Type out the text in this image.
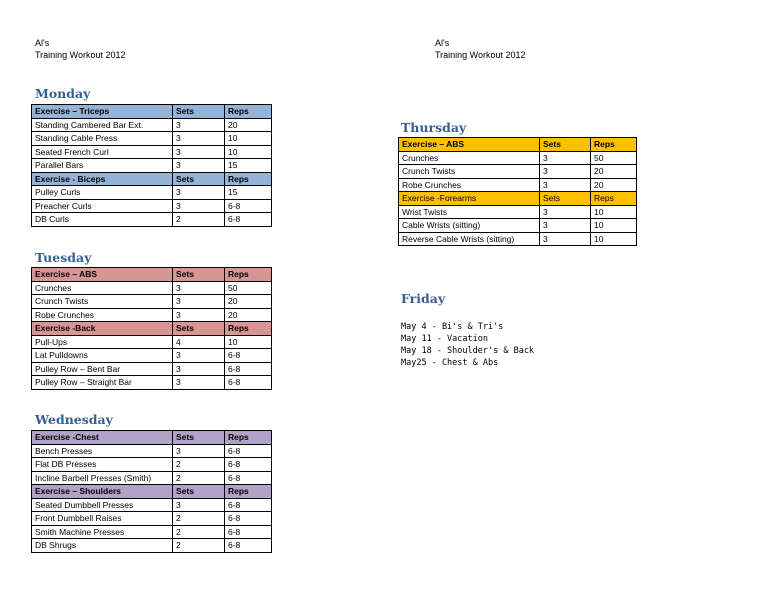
Al's
Training Workout 2012
Al's
Training Workout 2012
Monday
Exercise – Triceps	Sets	Reps
Standing Cambered Bar Ext.	3	20
Standing Cable Press	3	10
Seated French Curl	3	10
Parallel Bars	3	15
Exercise - Biceps	Sets	Reps
Pulley Curls	3	15
Preacher Curls	3	6-8
DB Curls	2	6-8
Tuesday
Exercise – ABS	Sets	Reps
Crunches	3	50
Crunch Twists	3	20
Robe Crunches	3	20
Exercise -Back	Sets	Reps
Pull-Ups	4	10
Lat Pulldowns	3	6-8
Pulley Row – Bent Bar	3	6-8
Pulley Row – Straight Bar	3	6-8
Wednesday
Exercise -Chest	Sets	Reps
Bench Presses	3	6-8
Flat DB Presses	2	6-8
Incline Barbell Presses (Smith)	2	6-8
Exercise – Shoulders	Sets	Reps
Seated Dumbbell Presses	3	6-8
Front Dumbbell Raises	2	6-8
Smith Machine Presses	2	6-8
DB Shrugs	2	6-8
Thursday
Exercise – ABS	Sets	Reps
Crunches	3	50
Crunch Twists	3	20
Robe Crunches	3	20
Exercise -Forearms	Sets	Reps
Wrist Twists	3	10
Cable Wrists (sitting)	3	10
Reverse Cable Wrists (sitting)	3	10
Friday
May 4 - Bi's & Tri's
May 11 - Vacation
May 18 - Shoulder's & Back
May25 - Chest & Abs
